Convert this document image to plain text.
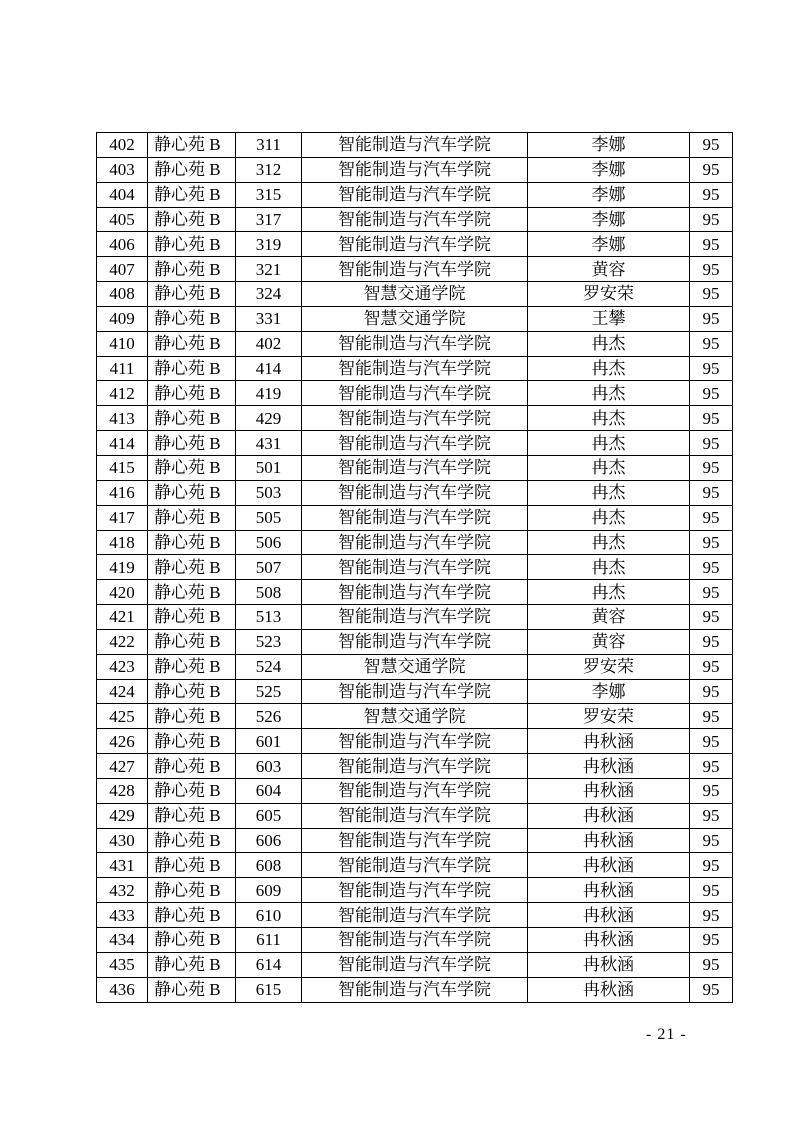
402	静心苑 B	311	智能制造与汽车学院	李娜	95
403	静心苑 B	312	智能制造与汽车学院	李娜	95
404	静心苑 B	315	智能制造与汽车学院	李娜	95
405	静心苑 B	317	智能制造与汽车学院	李娜	95
406	静心苑 B	319	智能制造与汽车学院	李娜	95
407	静心苑 B	321	智能制造与汽车学院	黄容	95
408	静心苑 B	324	智慧交通学院	罗安荣	95
409	静心苑 B	331	智慧交通学院	王攀	95
410	静心苑 B	402	智能制造与汽车学院	冉杰	95
411	静心苑 B	414	智能制造与汽车学院	冉杰	95
412	静心苑 B	419	智能制造与汽车学院	冉杰	95
413	静心苑 B	429	智能制造与汽车学院	冉杰	95
414	静心苑 B	431	智能制造与汽车学院	冉杰	95
415	静心苑 B	501	智能制造与汽车学院	冉杰	95
416	静心苑 B	503	智能制造与汽车学院	冉杰	95
417	静心苑 B	505	智能制造与汽车学院	冉杰	95
418	静心苑 B	506	智能制造与汽车学院	冉杰	95
419	静心苑 B	507	智能制造与汽车学院	冉杰	95
420	静心苑 B	508	智能制造与汽车学院	冉杰	95
421	静心苑 B	513	智能制造与汽车学院	黄容	95
422	静心苑 B	523	智能制造与汽车学院	黄容	95
423	静心苑 B	524	智慧交通学院	罗安荣	95
424	静心苑 B	525	智能制造与汽车学院	李娜	95
425	静心苑 B	526	智慧交通学院	罗安荣	95
426	静心苑 B	601	智能制造与汽车学院	冉秋涵	95
427	静心苑 B	603	智能制造与汽车学院	冉秋涵	95
428	静心苑 B	604	智能制造与汽车学院	冉秋涵	95
429	静心苑 B	605	智能制造与汽车学院	冉秋涵	95
430	静心苑 B	606	智能制造与汽车学院	冉秋涵	95
431	静心苑 B	608	智能制造与汽车学院	冉秋涵	95
432	静心苑 B	609	智能制造与汽车学院	冉秋涵	95
433	静心苑 B	610	智能制造与汽车学院	冉秋涵	95
434	静心苑 B	611	智能制造与汽车学院	冉秋涵	95
435	静心苑 B	614	智能制造与汽车学院	冉秋涵	95
436	静心苑 B	615	智能制造与汽车学院	冉秋涵	95
- 21 -
